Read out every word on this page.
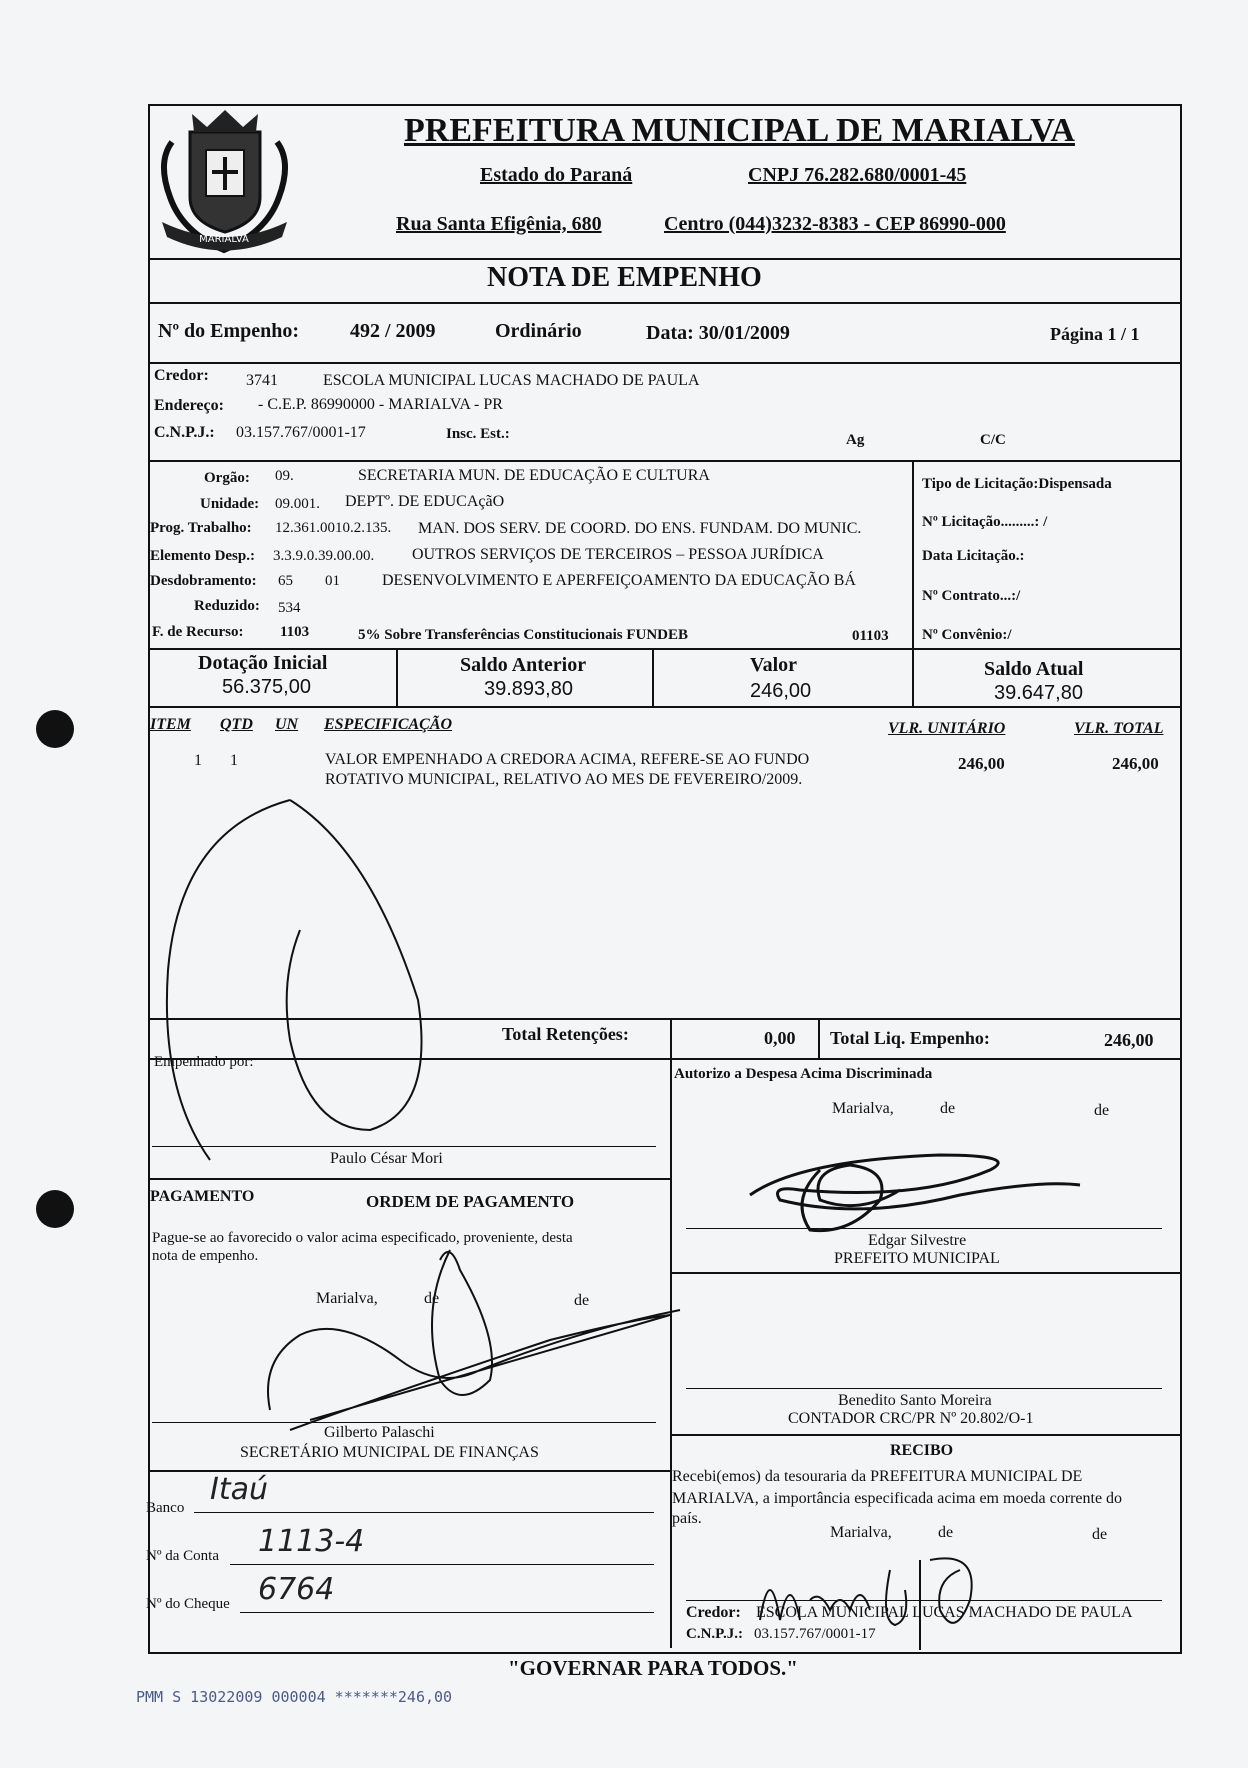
MARIALVA
PREFEITURA MUNICIPAL DE MARIALVA
Estado do Paraná	CNPJ 76.282.680/0001-45
Rua Santa Efigênia, 680	Centro (044)3232-8383 - CEP 86990-000
NOTA DE EMPENHO
Nº do Empenho:	492 / 2009	Ordinário	Data: 30/01/2009	Página 1 / 1
Credor: 3741	ESCOLA MUNICIPAL LUCAS MACHADO DE PAULA
Endereço: - C.E.P. 86990000 - MARIALVA - PR
C.N.P.J.: 03.157.767/0001-17	Insc. Est.:	Ag	C/C
Orgão: 09.	SECRETARIA MUN. DE EDUCAÇÃO E CULTURA
Unidade: 09.001. DEPTº. DE EDUCAçãO
Prog. Trabalho: 12.361.0010.2.135. MAN. DOS SERV. DE COORD. DO ENS. FUNDAM. DO MUNIC.
Elemento Desp.: 3.3.9.0.39.00.00. OUTROS SERVIÇOS DE TERCEIROS – PESSOA JURÍDICA
Desdobramento: 65 01	DESENVOLVIMENTO E APERFEIÇOAMENTO DA EDUCAÇÃO BÁ
Reduzido: 534
F. de Recurso: 1103	5% Sobre Transferências Constitucionais FUNDEB	01103
Tipo de Licitação:Dispensada
Nº Licitação.........: /
Data Licitação.:
Nº Contrato...:/
Nº Convênio:/
Dotação Inicial
56.375,00
Saldo Anterior
39.893,80
Valor
246,00
Saldo Atual
39.647,80
ITEM QTD UN ESPECIFICAÇÃO	VLR. UNITÁRIO	VLR. TOTAL
1 1	VALOR EMPENHADO A CREDORA ACIMA, REFERE-SE AO FUNDO
ROTATIVO MUNICIPAL, RELATIVO AO MES DE FEVEREIRO/2009.
246,00	246,00
Total Retenções:	0,00 Total Liq. Empenho:	246,00
Empenhado por:
Paulo César Mori
Autorizo a Despesa Acima Discriminada
Marialva,	de	de
Edgar Silvestre
PREFEITO MUNICIPAL
PAGAMENTO	ORDEM DE PAGAMENTO
Pague-se ao favorecido o valor acima especificado, proveniente, desta
nota de empenho.
Marialva,	de	de
Gilberto Palaschi
SECRETÁRIO MUNICIPAL DE FINANÇAS
Benedito Santo Moreira
CONTADOR CRC/PR Nº 20.802/O-1
RECIBO
Recebi(emos) da tesouraria da PREFEITURA MUNICIPAL DE
MARIALVA, a importância especificada acima em moeda corrente do
país.
Marialva,	de	de
Credor: ESCOLA MUNICIPAL LUCAS MACHADO DE PAULA
C.N.P.J.: 03.157.767/0001-17
Banco
Itaú
Nº da Conta 1113-4
Nº do Cheque 6764
"GOVERNAR PARA TODOS."
PMM S 13022009 000004 *******246,00
